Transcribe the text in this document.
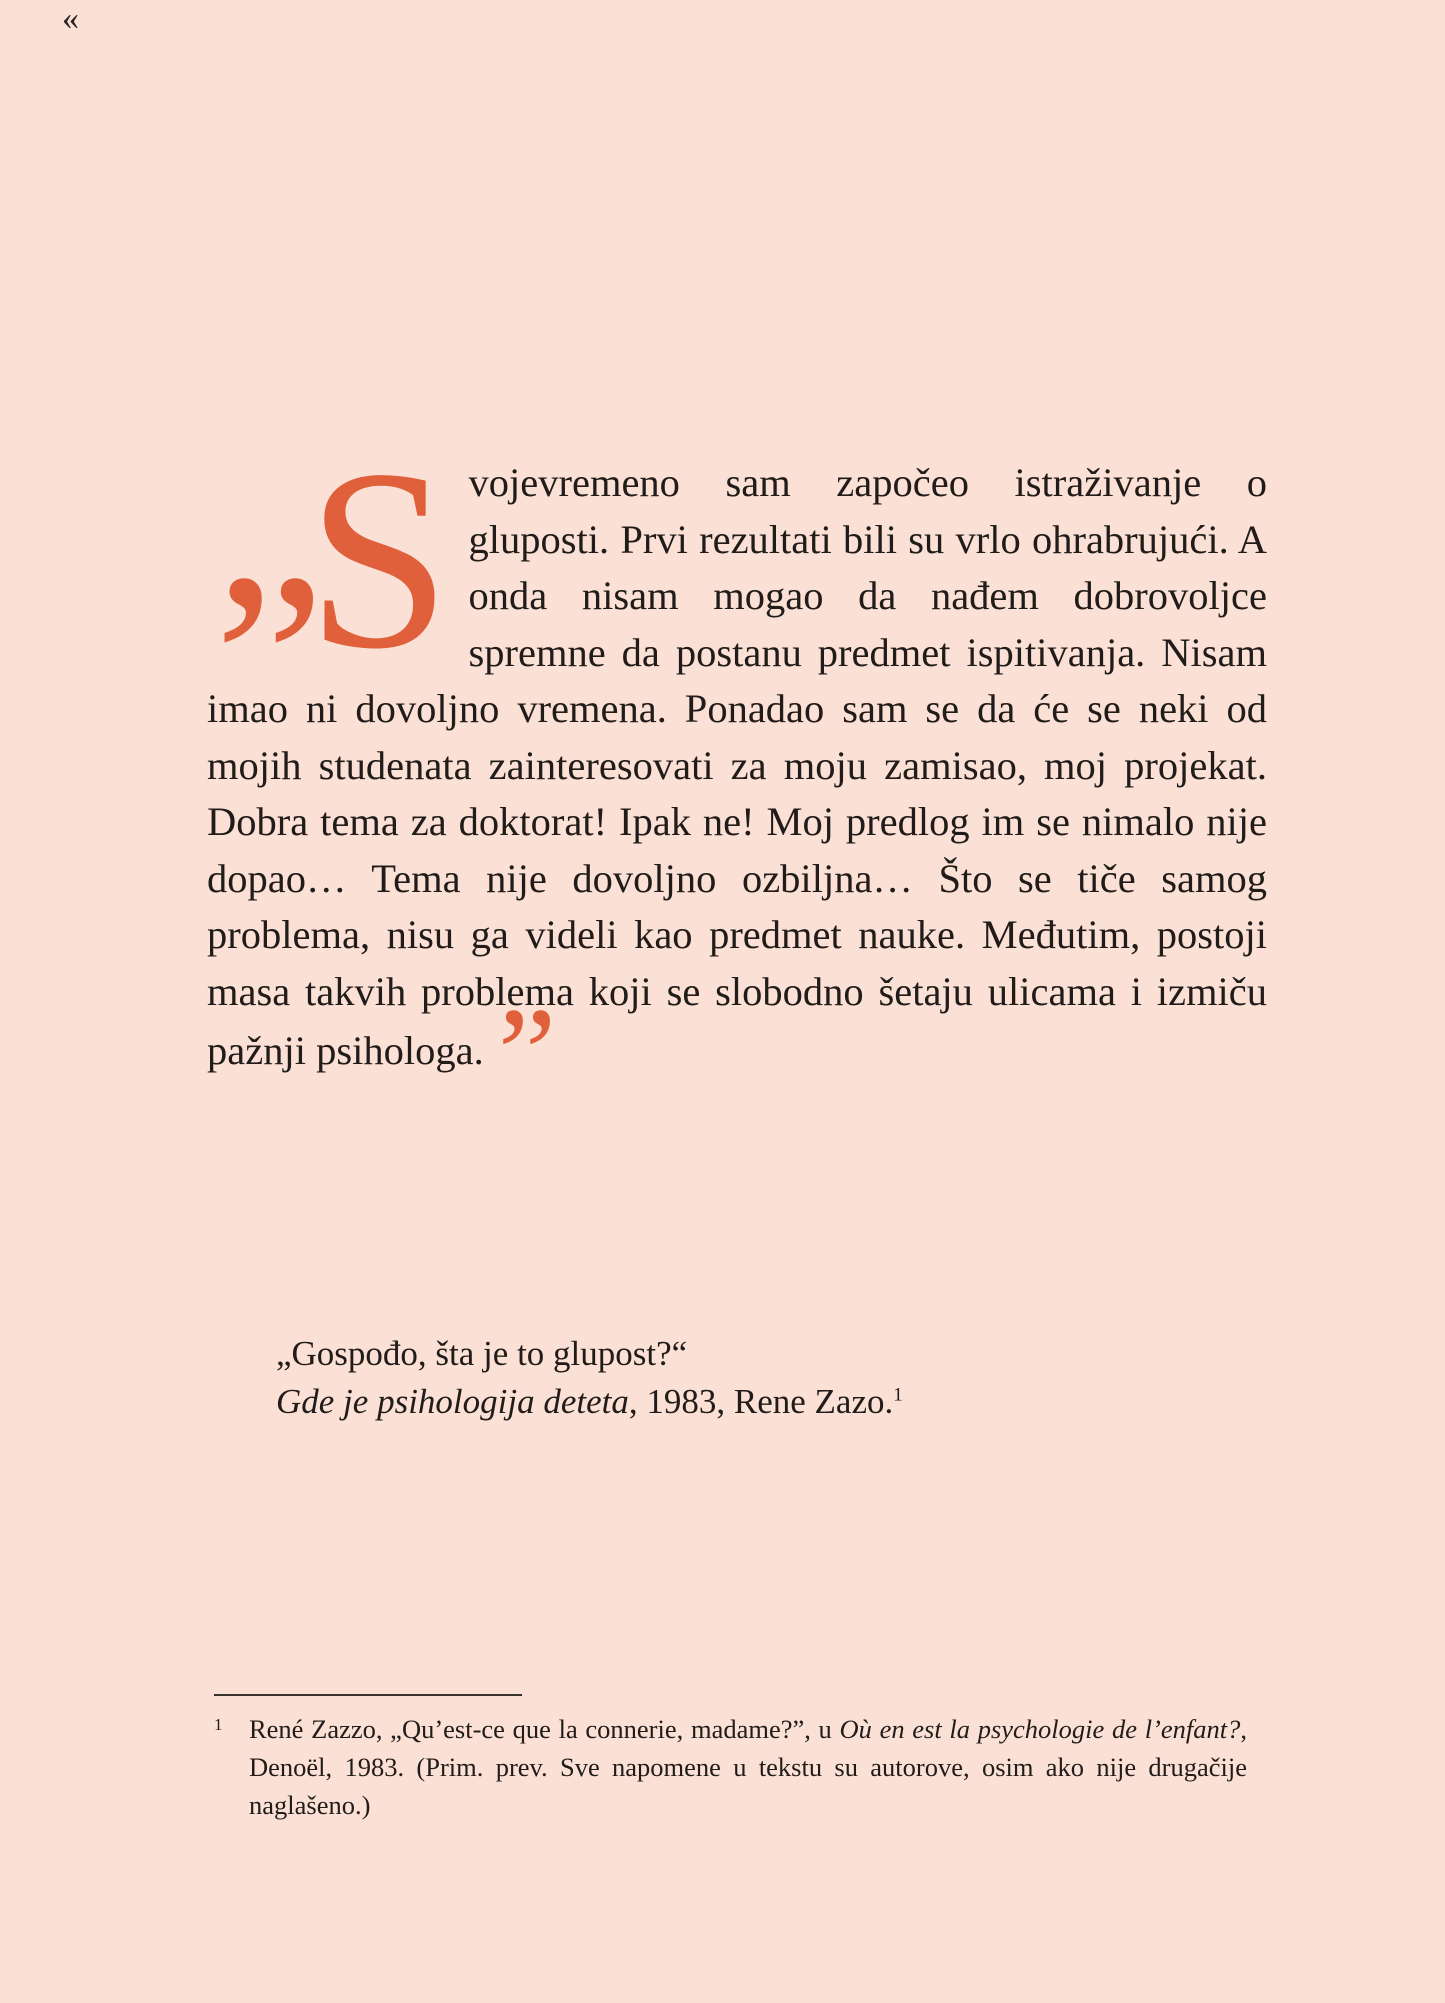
«
„
S vojevremeno sam započeo istraživanje o gluposti. Prvi rezultati bili su vrlo ohrabrujući. A onda nisam mogao da nađem dobrovoljce spremne da postanu predmet ispitivanja. Nisam imao ni dovoljno vremena. Ponadao sam se da će se neki od mojih studenata zainteresovati za moju zamisao, moj projekat. Dobra tema za doktorat! Ipak ne! Moj predlog im se nimalo nije dopao… Tema nije dovoljno ozbiljna… Što se tiče samog problema, nisu ga videli kao predmet nauke. Međutim, postoji masa takvih problema koji se slobodno šetaju ulicama i izmiču pažnji psihologa. ”

„Gospođo, šta je to glupost?“
Gde je psihologija deteta, 1983, Rene Zazo.$^1$
1 René Zazzo, „Qu’est-ce que la connerie, madame?”, u Où en est la psychologie de l’enfant?, Denoël, 1983. (Prim. prev. Sve napomene u tekstu su autorove, osim ako nije drugačije naglašeno.)
